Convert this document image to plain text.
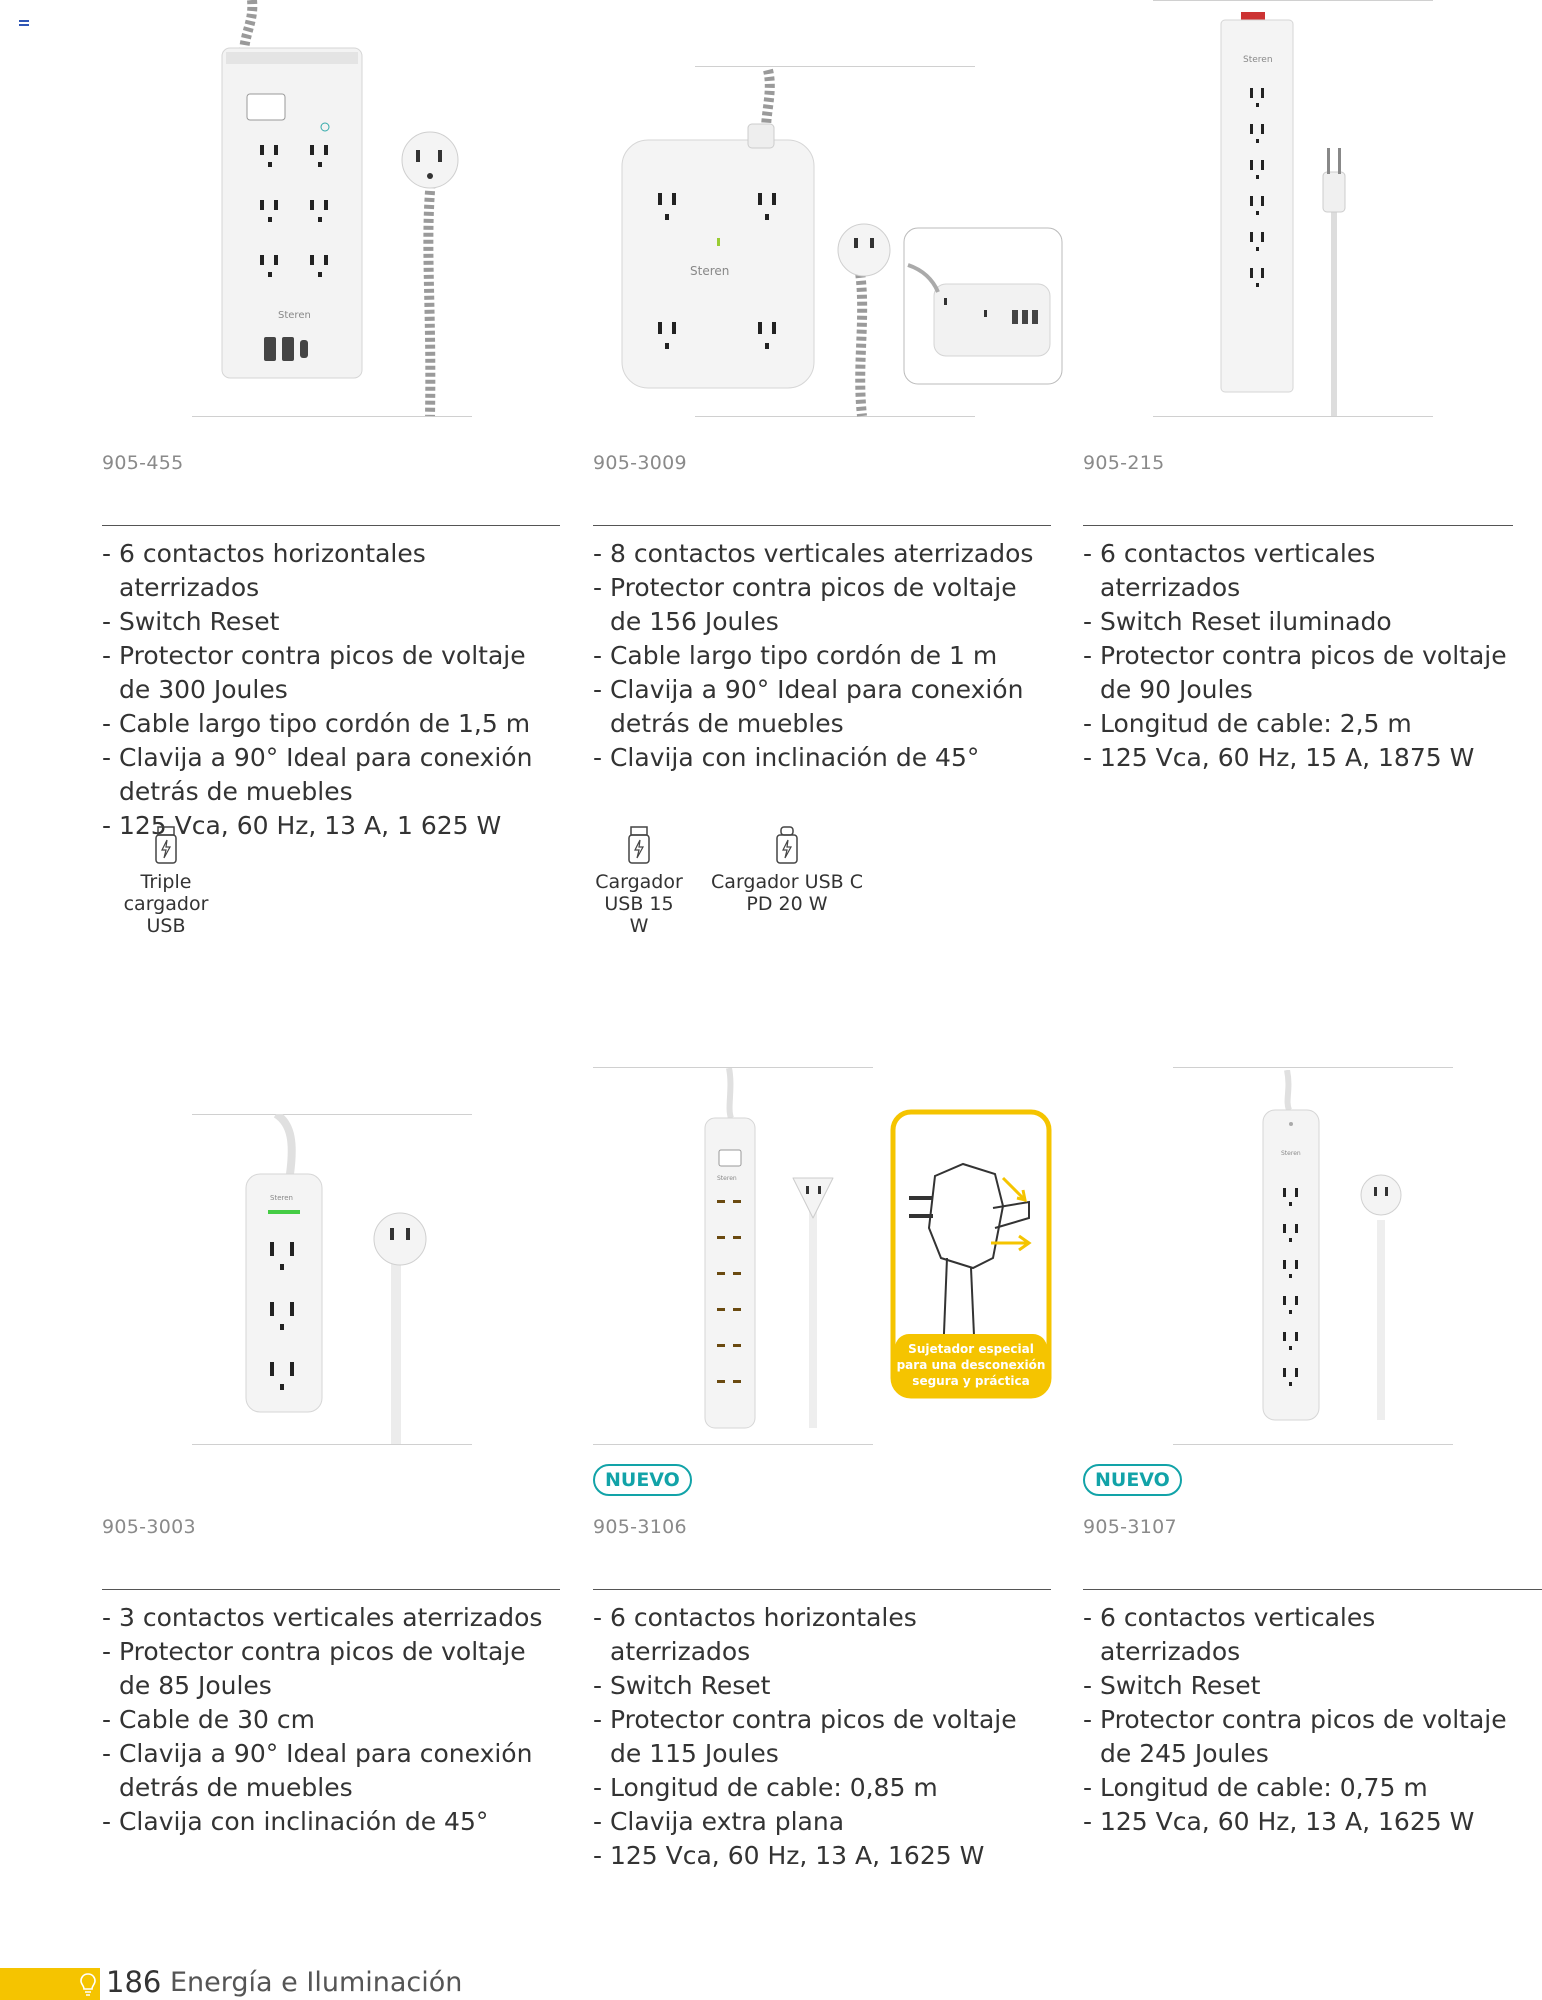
Steren
905-455
- 6 contactos horizontales aterrizados
- Switch Reset
- Protector contra picos de voltaje de 300 Joules
- Cable largo tipo cordón de 1,5 m
- Clavija a 90° Ideal para conexión detrás de muebles
- 125 Vca, 60 Hz, 13 A, 1 625 W
Triple
cargador USB
Steren
905-3009
- 8 contactos verticales aterrizados
- Protector contra picos de voltaje de 156 Joules
- Cable largo tipo cordón de 1 m
- Clavija a 90° Ideal para conexión detrás de muebles
- Clavija con inclinación de 45°
Cargador
USB 15 W
Cargador USB C
PD 20 W
Steren
905-215
- 6 contactos verticales aterrizados
- Switch Reset iluminado
- Protector contra picos de voltaje de 90 Joules
- Longitud de cable: 2,5 m
- 125 Vca, 60 Hz, 15 A, 1875 W
Steren
905-3003
- 3 contactos verticales aterrizados
- Protector contra picos de voltaje de 85 Joules
- Cable de 30 cm
- Clavija a 90° Ideal para conexión detrás de muebles
- Clavija con inclinación de 45°
Steren
Sujetador especial
para una desconexión
segura y práctica
NUEVO
905-3106
- 6 contactos horizontales aterrizados
- Switch Reset
- Protector contra picos de voltaje de 115 Joules
- Longitud de cable: 0,85 m
- Clavija extra plana
- 125 Vca, 60 Hz, 13 A, 1625 W
Steren
NUEVO
905-3107
- 6 contactos verticales aterrizados
- Switch Reset
- Protector contra picos de voltaje de 245 Joules
- Longitud de cable: 0,75 m
- 125 Vca, 60 Hz, 13 A, 1625 W
186 Energía e Iluminación
